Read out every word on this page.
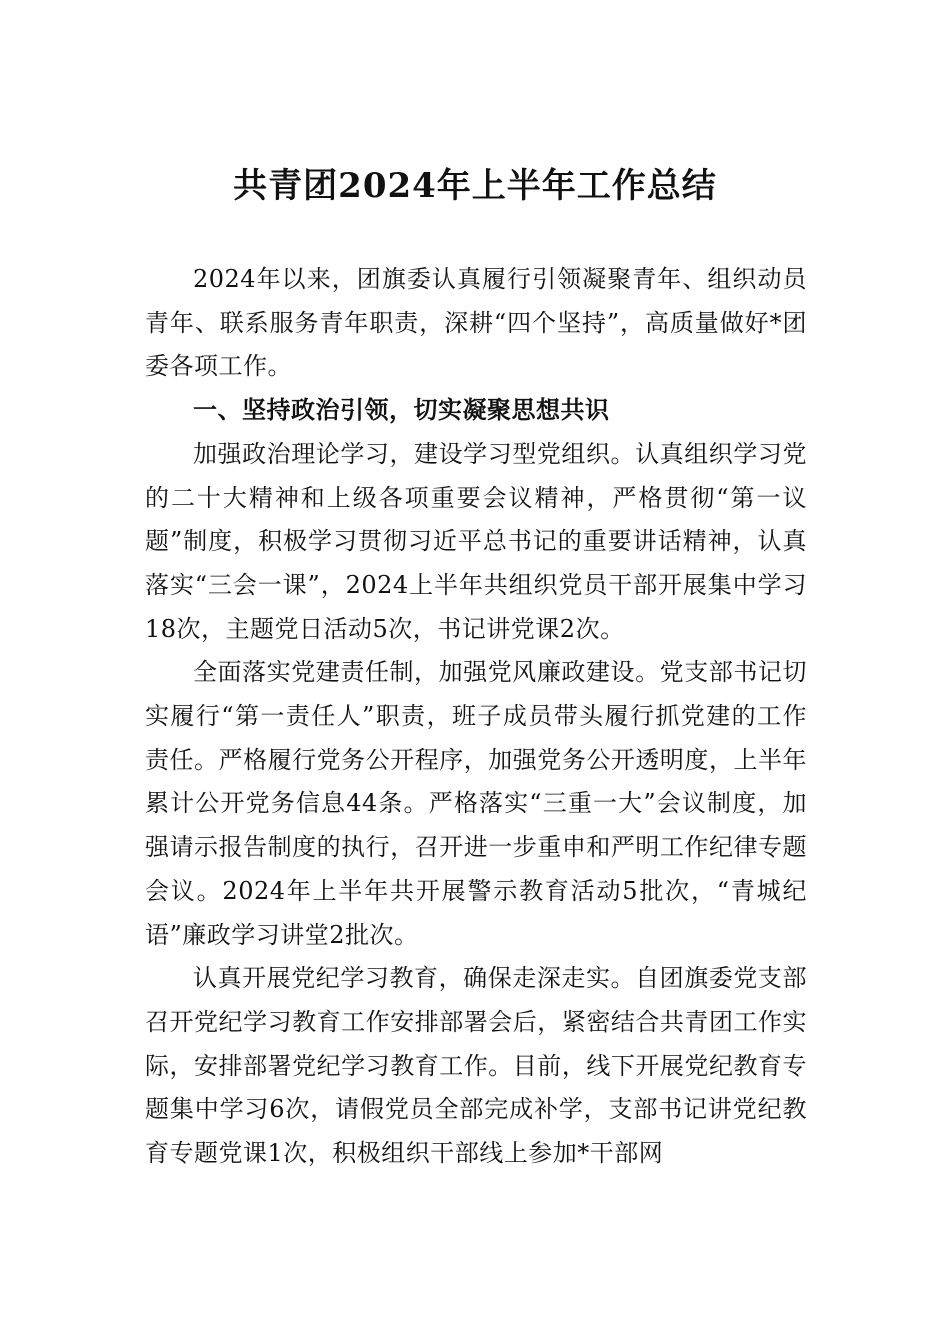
共青团2024年上半年工作总结

2024年以来，团旗委认真履行引领凝聚青年、组织动员青年、联系服务青年职责，深耕“四个坚持”，高质量做好*团委各项工作。

一、坚持政治引领，切实凝聚思想共识

加强政治理论学习，建设学习型党组织。认真组织学习党的二十大精神和上级各项重要会议精神，严格贯彻“第一议题”制度，积极学习贯彻习近平总书记的重要讲话精神，认真落实“三会一课”，2024上半年共组织党员干部开展集中学习18次，主题党日活动5次，书记讲党课2次。

全面落实党建责任制，加强党风廉政建设。党支部书记切实履行“第一责任人”职责，班子成员带头履行抓党建的工作责任。严格履行党务公开程序，加强党务公开透明度，上半年累计公开党务信息44条。严格落实“三重一大”会议制度，加强请示报告制度的执行，召开进一步重申和严明工作纪律专题会议。2024年上半年共开展警示教育活动5批次，“青城纪语”廉政学习讲堂2批次。

认真开展党纪学习教育，确保走深走实。自团旗委党支部召开党纪学习教育工作安排部署会后，紧密结合共青团工作实际，安排部署党纪学习教育工作。目前，线下开展党纪教育专题集中学习6次，请假党员全部完成补学，支部书记讲党纪教育专题党课1次，积极组织干部线上参加*干部网
